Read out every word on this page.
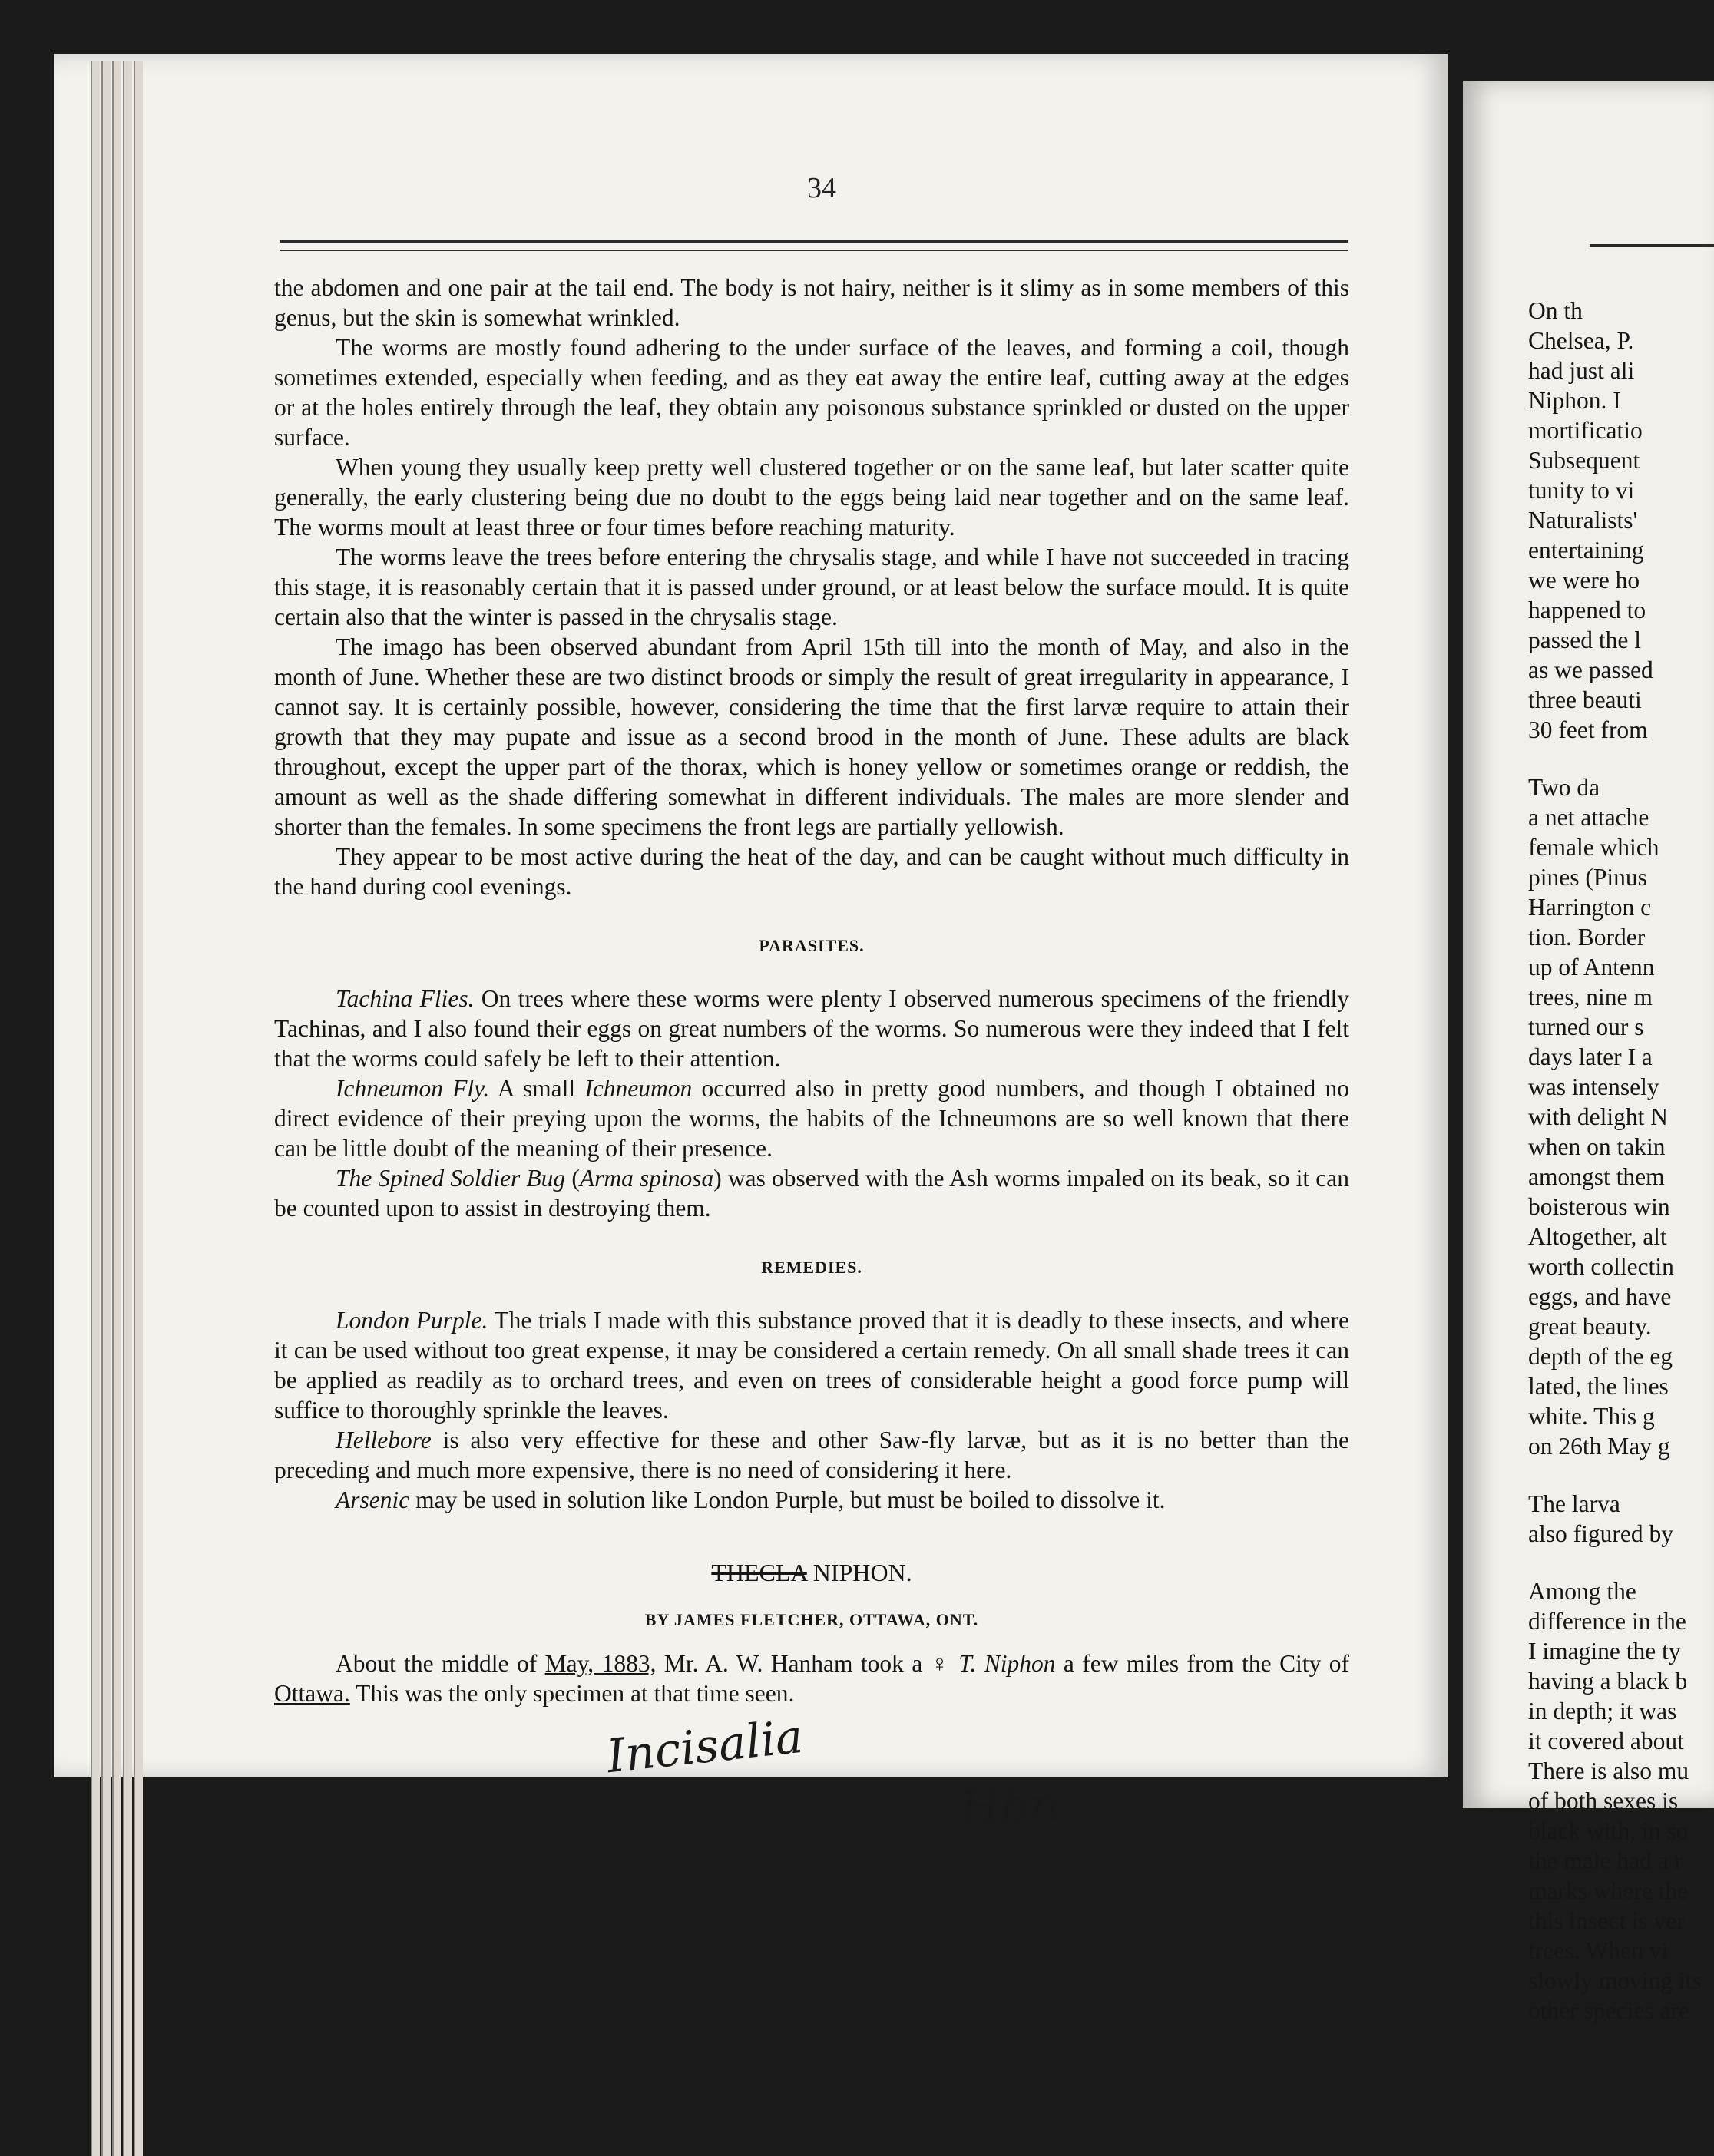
34

the abdomen and one pair at the tail end. The body is not hairy, neither is it slimy as in some members of this genus, but the skin is somewhat wrinkled.

The worms are mostly found adhering to the under surface of the leaves, and forming a coil, though sometimes extended, especially when feeding, and as they eat away the entire leaf, cutting away at the edges or at the holes entirely through the leaf, they obtain any poisonous substance sprinkled or dusted on the upper surface.

When young they usually keep pretty well clustered together or on the same leaf, but later scatter quite generally, the early clustering being due no doubt to the eggs being laid near together and on the same leaf. The worms moult at least three or four times before reaching maturity.

The worms leave the trees before entering the chrysalis stage, and while I have not succeeded in tracing this stage, it is reasonably certain that it is passed under ground, or at least below the surface mould. It is quite certain also that the winter is passed in the chrysalis stage.

The imago has been observed abundant from April 15th till into the month of May, and also in the month of June. Whether these are two distinct broods or simply the result of great irregularity in appearance, I cannot say. It is certainly possible, however, considering the time that the first larvæ require to attain their growth that they may pupate and issue as a second brood in the month of June. These adults are black throughout, except the upper part of the thorax, which is honey yellow or sometimes orange or reddish, the amount as well as the shade differing somewhat in different individuals. The males are more slender and shorter than the females. In some specimens the front legs are partially yellowish.

They appear to be most active during the heat of the day, and can be caught without much difficulty in the hand during cool evenings.

PARASITES.

Tachina Flies. On trees where these worms were plenty I observed numerous specimens of the friendly Tachinas, and I also found their eggs on great numbers of the worms. So numerous were they indeed that I felt that the worms could safely be left to their attention.

Ichneumon Fly. A small Ichneumon occurred also in pretty good numbers, and though I obtained no direct evidence of their preying upon the worms, the habits of the Ichneumons are so well known that there can be little doubt of the meaning of their presence.

The Spined Soldier Bug (Arma spinosa) was observed with the Ash worms impaled on its beak, so it can be counted upon to assist in destroying them.

REMEDIES.

London Purple. The trials I made with this substance proved that it is deadly to these insects, and where it can be used without too great expense, it may be considered a certain remedy. On all small shade trees it can be applied as readily as to orchard trees, and even on trees of considerable height a good force pump will suffice to thoroughly sprinkle the leaves.

Hellebore is also very effective for these and other Saw-fly larvæ, but as it is no better than the preceding and much more expensive, there is no need of considering it here.

Arsenic may be used in solution like London Purple, but must be boiled to dissolve it.

THECLA NIPHON.
BY JAMES FLETCHER, OTTAWA, ONT.

About the middle of May, 1883, Mr. A. W. Hanham took a ♀ T. Niphon a few miles from the City of Ottawa. This was the only specimen at that time seen.

Incisalia
Hbn
On th
Chelsea, P.
had just ali
Niphon. I
mortificatio
Subsequent
tunity to vi
Naturalists'
entertaining
we were ho
happened to
passed the l
as we passed
three beauti
30 feet from
Two da
a net attache
female which
pines (Pinus
Harrington c
tion. Border
up of Antenn
trees, nine m
turned our s
days later I a
was intensely
with delight N
when on takin
amongst them
boisterous win
Altogether, alt
worth collectin
eggs, and have
great beauty.
depth of the eg
lated, the lines
white. This g
on 26th May g
The larva
also figured by
Among the
difference in the
I imagine the ty
having a black b
in depth; it was
it covered about
There is also mu
of both sexes is
black with, in so
the male had a r
marks where the
this insect is ver
trees. When vi
slowly moving its
other species are
